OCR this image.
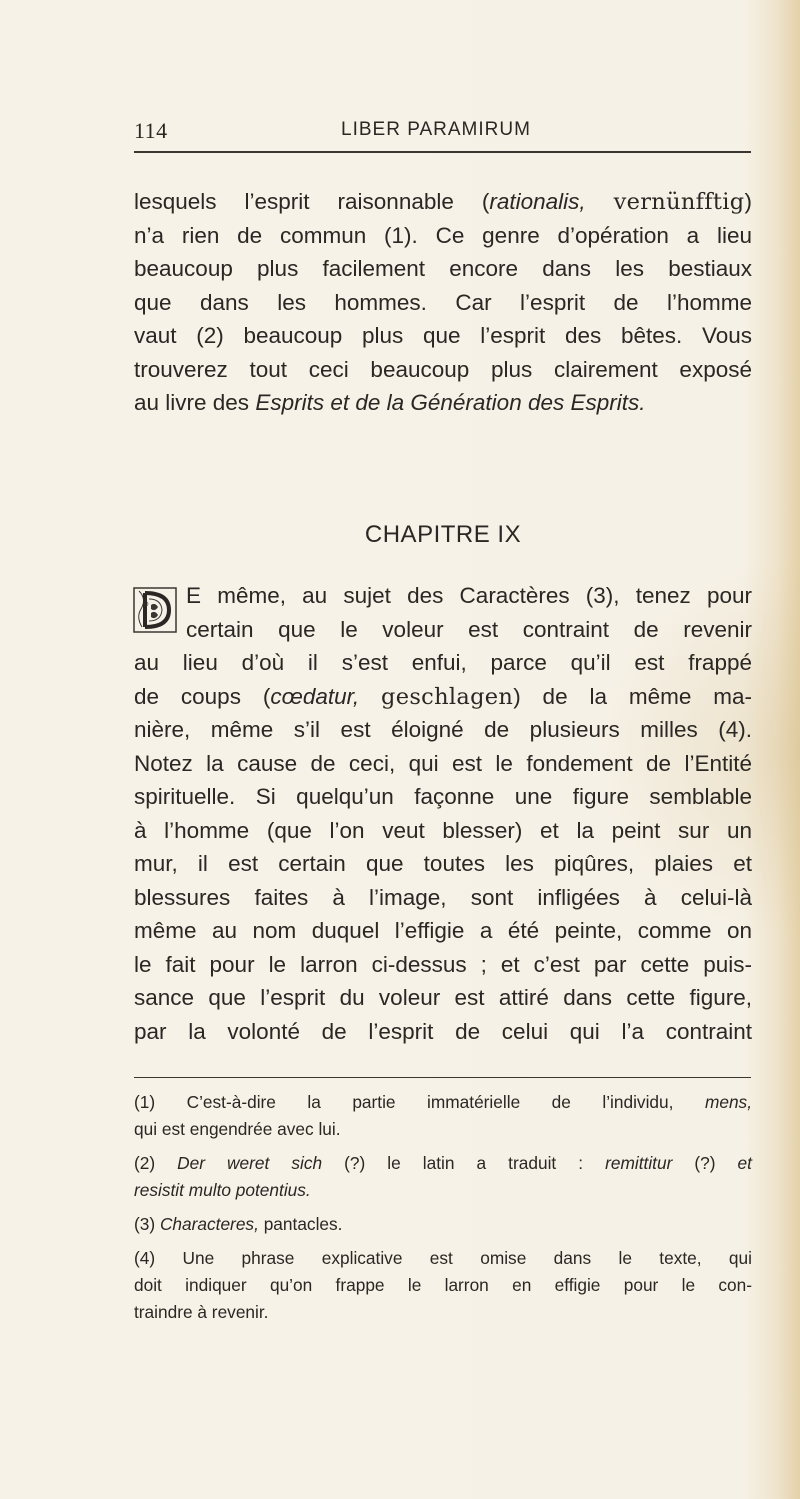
114	LIBER PARAMIRUM
lesquels l’esprit raisonnable (rationalis, vernünfftig)
n’a rien de commun (1). Ce genre d’opération a lieu
beaucoup plus facilement encore dans les bestiaux
que dans les hommes. Car l’esprit de l’homme
vaut (2) beaucoup plus que l’esprit des bêtes. Vous
trouverez tout ceci beaucoup plus clairement exposé
au livre des Esprits et de la Génération des Esprits.
CHAPITRE IX
D	E même, au sujet des Caractères (3), tenez pour
certain que le voleur est contraint de revenir
au lieu d’où il s’est enfui, parce qu’il est frappé
de coups (cœdatur, geschlagen) de la même ma-
nière, même s’il est éloigné de plusieurs milles (4).
Notez la cause de ceci, qui est le fondement de l’Entité
spirituelle. Si quelqu’un façonne une figure semblable
à l’homme (que l’on veut blesser) et la peint sur un
mur, il est certain que toutes les piqûres, plaies et
blessures faites à l’image, sont infligées à celui-là
même au nom duquel l’effigie a été peinte, comme on
le fait pour le larron ci-dessus ; et c’est par cette puis-
sance que l’esprit du voleur est attiré dans cette figure,
par la volonté de l’esprit de celui qui l’a contraint
(1) C’est-à-dire la partie immatérielle de l’individu, mens,
qui est engendrée avec lui.
(2) Der weret sich (?) le latin a traduit : remittitur (?) et
resistit multo potentius.
(3) Characteres, pantacles.
(4) Une phrase explicative est omise dans le texte, qui
doit indiquer qu’on frappe le larron en effigie pour le con-
traindre à revenir.
